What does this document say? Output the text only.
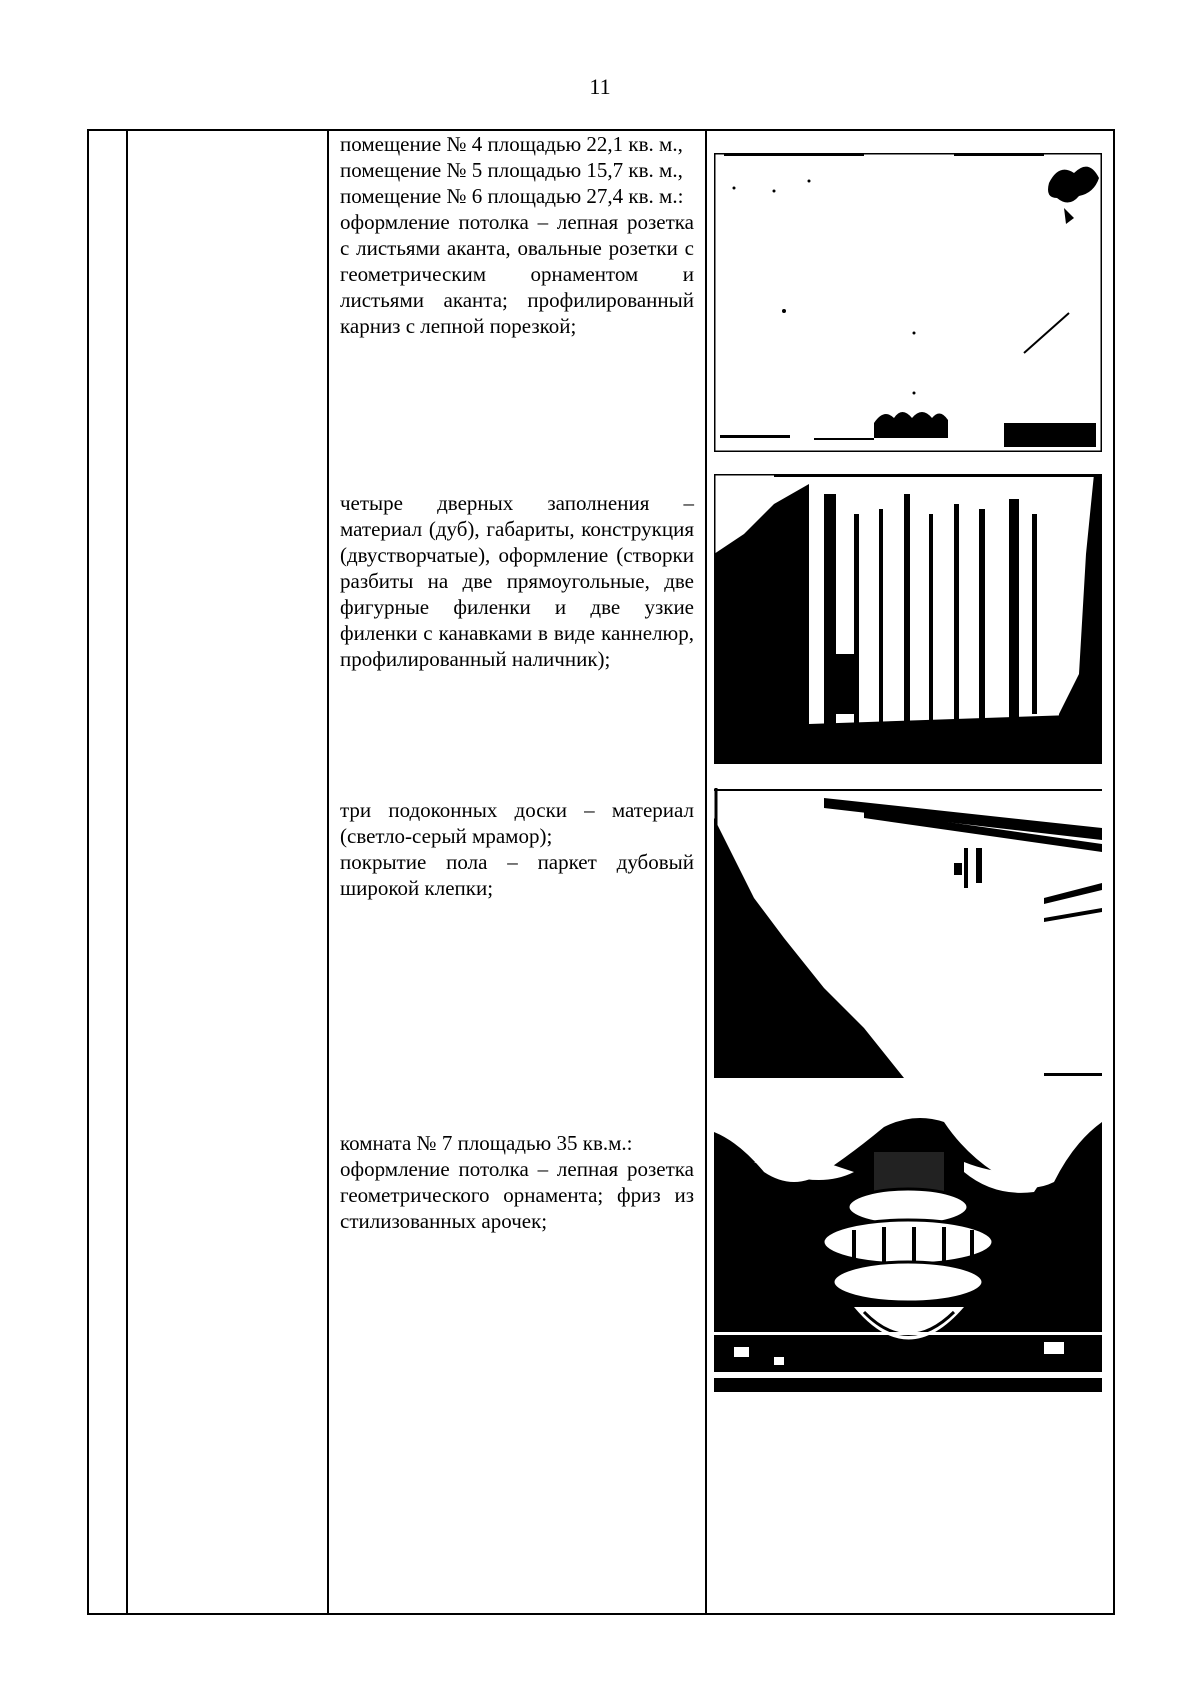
11

помещение № 4 площадью 22,1 кв. м.,

помещение № 5 площадью 15,7 кв. м.,

помещение № 6 площадью 27,4 кв. м.:

оформление потолка – лепная розетка с листьями аканта, овальные розетки с геометрическим орнаментом и листьями аканта; профилированный карниз с лепной порезкой;

четыре дверных заполнения – материал (дуб), габариты, конструкция (двустворчатые), оформление (створки разбиты на две прямоугольные, две фигурные филенки и две узкие филенки с канавками в виде каннелюр, профилированный наличник);

три подоконных доски – материал (светло-серый мрамор);

покрытие пола – паркет дубовый широкой клепки;

комната № 7 площадью 35 кв.м.:

оформление потолка – лепная розетка геометрического орнамента; фриз из стилизованных арочек;
